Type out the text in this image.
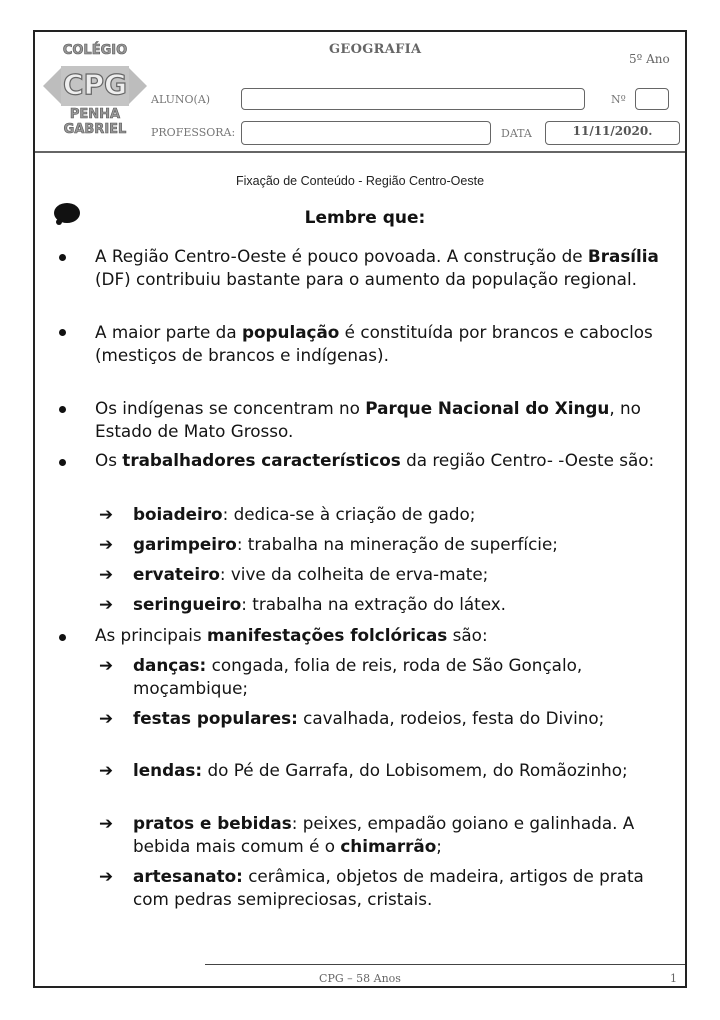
COLÉGIO
CPG
PENHA
GABRIEL
GEOGRAFIA
5º Ano
ALUNO(A)	Nº
PROFESSORA:	DATA	11/11/2020.
Fixação de Conteúdo - Região Centro-Oeste
Lembre que:
A Região Centro-Oeste é pouco povoada. A construção de Brasília (DF) contribuiu bastante para o aumento da população regional.
A maior parte da população é constituída por brancos e caboclos (mestiços de brancos e indígenas).
Os indígenas se concentram no Parque Nacional do Xingu, no Estado de Mato Grosso.
Os trabalhadores característicos da região Centro- -Oeste são:
➔ boiadeiro: dedica-se à criação de gado;
➔ garimpeiro: trabalha na mineração de superfície;
➔ ervateiro: vive da colheita de erva-mate;
➔ seringueiro: trabalha na extração do látex.
As principais manifestações folclóricas são:
➔	danças: congada, folia de reis, roda de São Gonçalo, moçambique;
➔	festas populares: cavalhada, rodeios, festa do Divino;
➔	lendas: do Pé de Garrafa, do Lobisomem, do Romãozinho;
➔	pratos e bebidas: peixes, empadão goiano e galinhada. A bebida mais comum é o chimarrão;
➔	artesanato: cerâmica, objetos de madeira, artigos de prata com pedras semipreciosas, cristais.
CPG – 58 Anos	1
